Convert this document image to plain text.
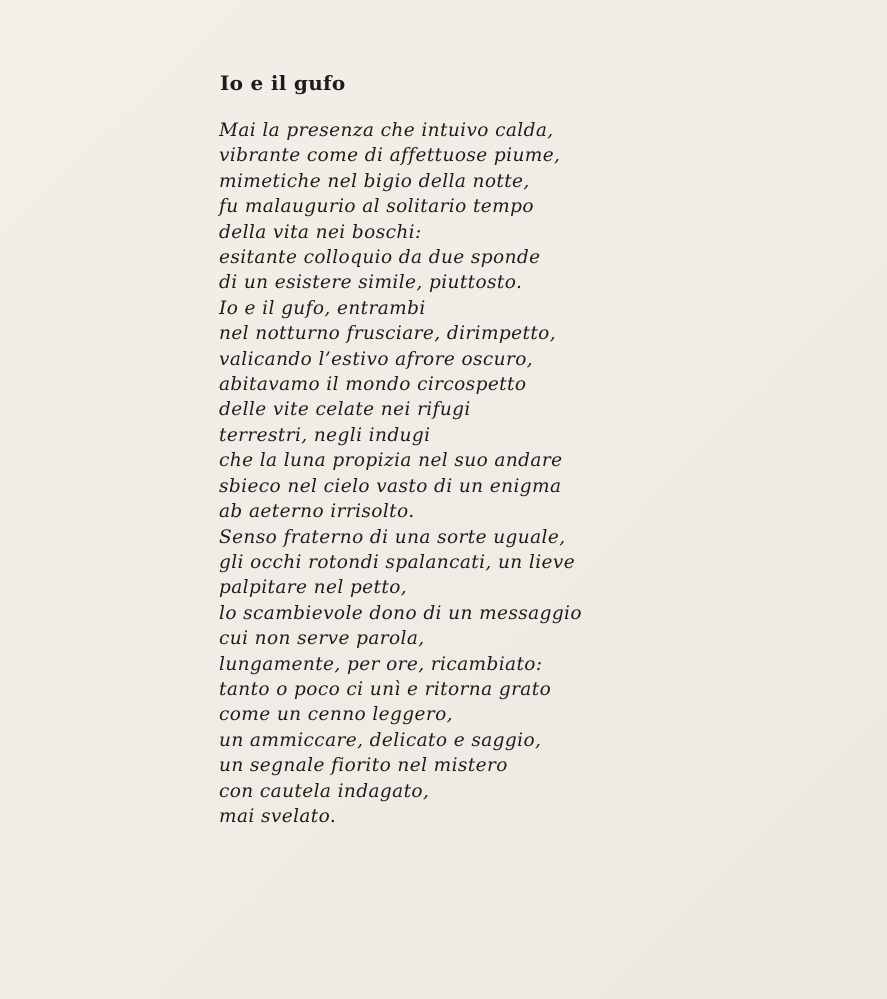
Io e il gufo
Mai la presenza che intuivo calda,
vibrante come di affettuose piume,
mimetiche nel bigio della notte,
fu malaugurio al solitario tempo
della vita nei boschi:
esitante colloquio da due sponde
di un esistere simile, piuttosto.
Io e il gufo, entrambi
nel notturno frusciare, dirimpetto,
valicando l’estivo afrore oscuro,
abitavamo il mondo circospetto
delle vite celate nei rifugi
terrestri, negli indugi
che la luna propizia nel suo andare
sbieco nel cielo vasto di un enigma
ab aeterno irrisolto.
Senso fraterno di una sorte uguale,
gli occhi rotondi spalancati, un lieve
palpitare nel petto,
lo scambievole dono di un messaggio
cui non serve parola,
lungamente, per ore, ricambiato:
tanto o poco ci unì e ritorna grato
come un cenno leggero,
un ammiccare, delicato e saggio,
un segnale fiorito nel mistero
con cautela indagato,
mai svelato.
